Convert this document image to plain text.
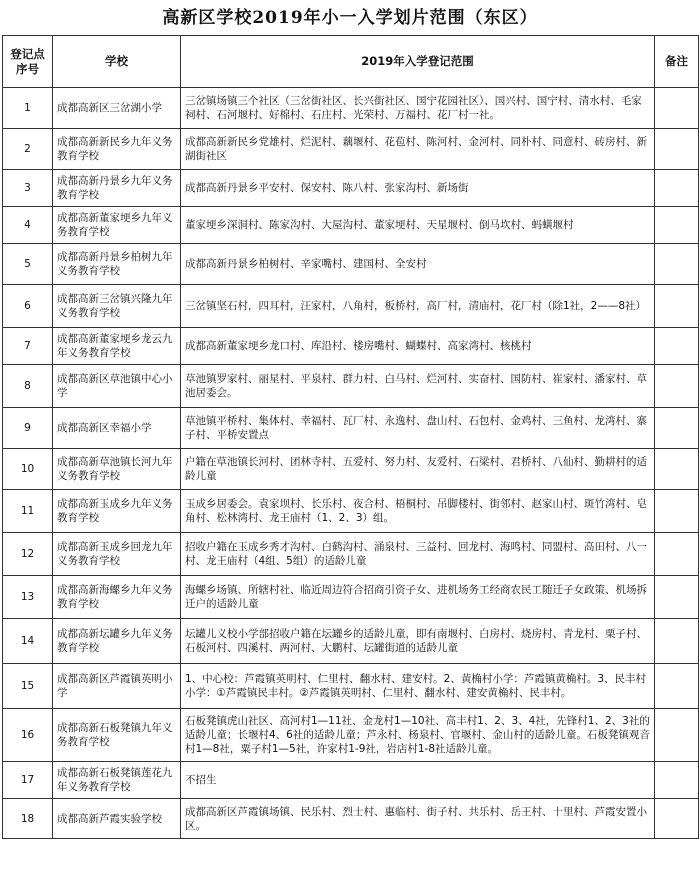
高新区学校2019年小一入学划片范围（东区）
登记点序号	学校	2019年入学登记范围	备注
1	成都高新区三岔湖小学	三岔镇场镇三个社区（三岔街社区、长兴街社区、国宁花园社区）、国兴村、国宁村、清水村、毛家祠村、石河堰村、好棉村、石庄村、光荣村、万福村、花厂村一社。	
2	成都高新新民乡九年义务教育学校	成都高新新民乡党雄村、烂泥村、藕堰村、花苞村、陈河村、金河村、同朴村、同意村、砖房村、新湖街社区	
3	成都高新丹景乡九年义务教育学校	成都高新丹景乡平安村、保安村、陈八村、张家沟村、新场街	
4	成都高新董家埂乡九年义务教育学校	董家埂乡深洞村、陈家沟村、大屋沟村、董家埂村、天星堰村、倒马坎村、蚂蟥堰村	
5	成都高新丹景乡柏树九年义务教育学校	成都高新丹景乡柏树村、辛家嘴村、建国村、全安村	
6	成都高新三岔镇兴隆九年义务教育学校	三岔镇坚石村，四耳村，汪家村，八角村，板桥村，高厂村，清庙村，花厂村（除1社，2——8社）	
7	成都高新董家埂乡龙云九年义务教育学校	成都高新董家埂乡龙口村、库沿村、楼房嘴村、蝴蝶村、高家湾村、核桃村	
8	成都高新区草池镇中心小学	草池镇罗家村、丽星村、平泉村、群力村、白马村、烂河村、实奋村、国防村、崔家村、潘家村、草池居委会。	
9	成都高新区幸福小学	草池镇平桥村、集体村、幸福村、瓦厂村、永逸村、盘山村、石包村、金鸡村、三鱼村、龙湾村、寨子村、平桥安置点	
10	成都高新草池镇长河九年义务教育学校	户籍在草池镇长河村、团林寺村、五爱村、努力村、友爱村、石梁村、君桥村、八仙村、勤耕村的适龄儿童	
11	成都高新玉成乡九年义务教育学校	玉成乡居委会。袁家坝村、长乐村、夜合村、梧桐村、吊脚楼村、街邻村、赵家山村、斑竹湾村、皂角村、松林湾村、龙王庙村（1、2、3）组。	
12	成都高新玉成乡回龙九年义务教育学校	招收户籍在玉成乡秀才沟村、白鹤沟村、涌泉村、三益村、回龙村、海鸣村、同盟村、高田村、八一村、龙王庙村（4组、5组）的适龄儿童	
13	成都高新海螺乡九年义务教育学校	海螺乡场镇、所辖村社、临近周边符合招商引资子女、进机场务工经商农民工随迁子女政策、机场拆迁户的适龄儿童	
14	成都高新坛罐乡九年义务教育学校	坛罐儿义校小学部招收户籍在坛罐乡的适龄儿童，即有南堰村、白房村、烧房村、青龙村、栗子村、石板河村、四溪村、两河村、大鹏村、坛罐街道的适龄儿童	
15	成都高新区芦霞镇英明小学	1、中心校：芦霞镇英明村、仁里村、翻水村、建安村。2、黄桷村小学：芦霞镇黄桷村。3、民丰村小学：①芦霞镇民丰村。②芦霞镇英明村、仁里村、翻水村、建安黄桷村、民丰村。	
16	成都高新石板凳镇九年义务教育学校	石板凳镇虎山社区、高河村1—11社、金龙村1—10社、高丰村1、2、3、4社，先锋村1、2、3社的适龄儿童；长堰村4、6社的适龄儿童；芦永村、杨泉村、官堰村、金山村的适龄儿童。石板凳镇观音村1—8社，粟子村1—5社，许家村1-9社，岩店村1-8社适龄儿童。	
17	成都高新石板凳镇莲花九年义务教育学校	不招生	
18	成都高新芦霞实验学校	成都高新区芦霞镇场镇、民乐村、烈士村、惠临村、街子村、共乐村、岳王村、十里村、芦霞安置小区。	
